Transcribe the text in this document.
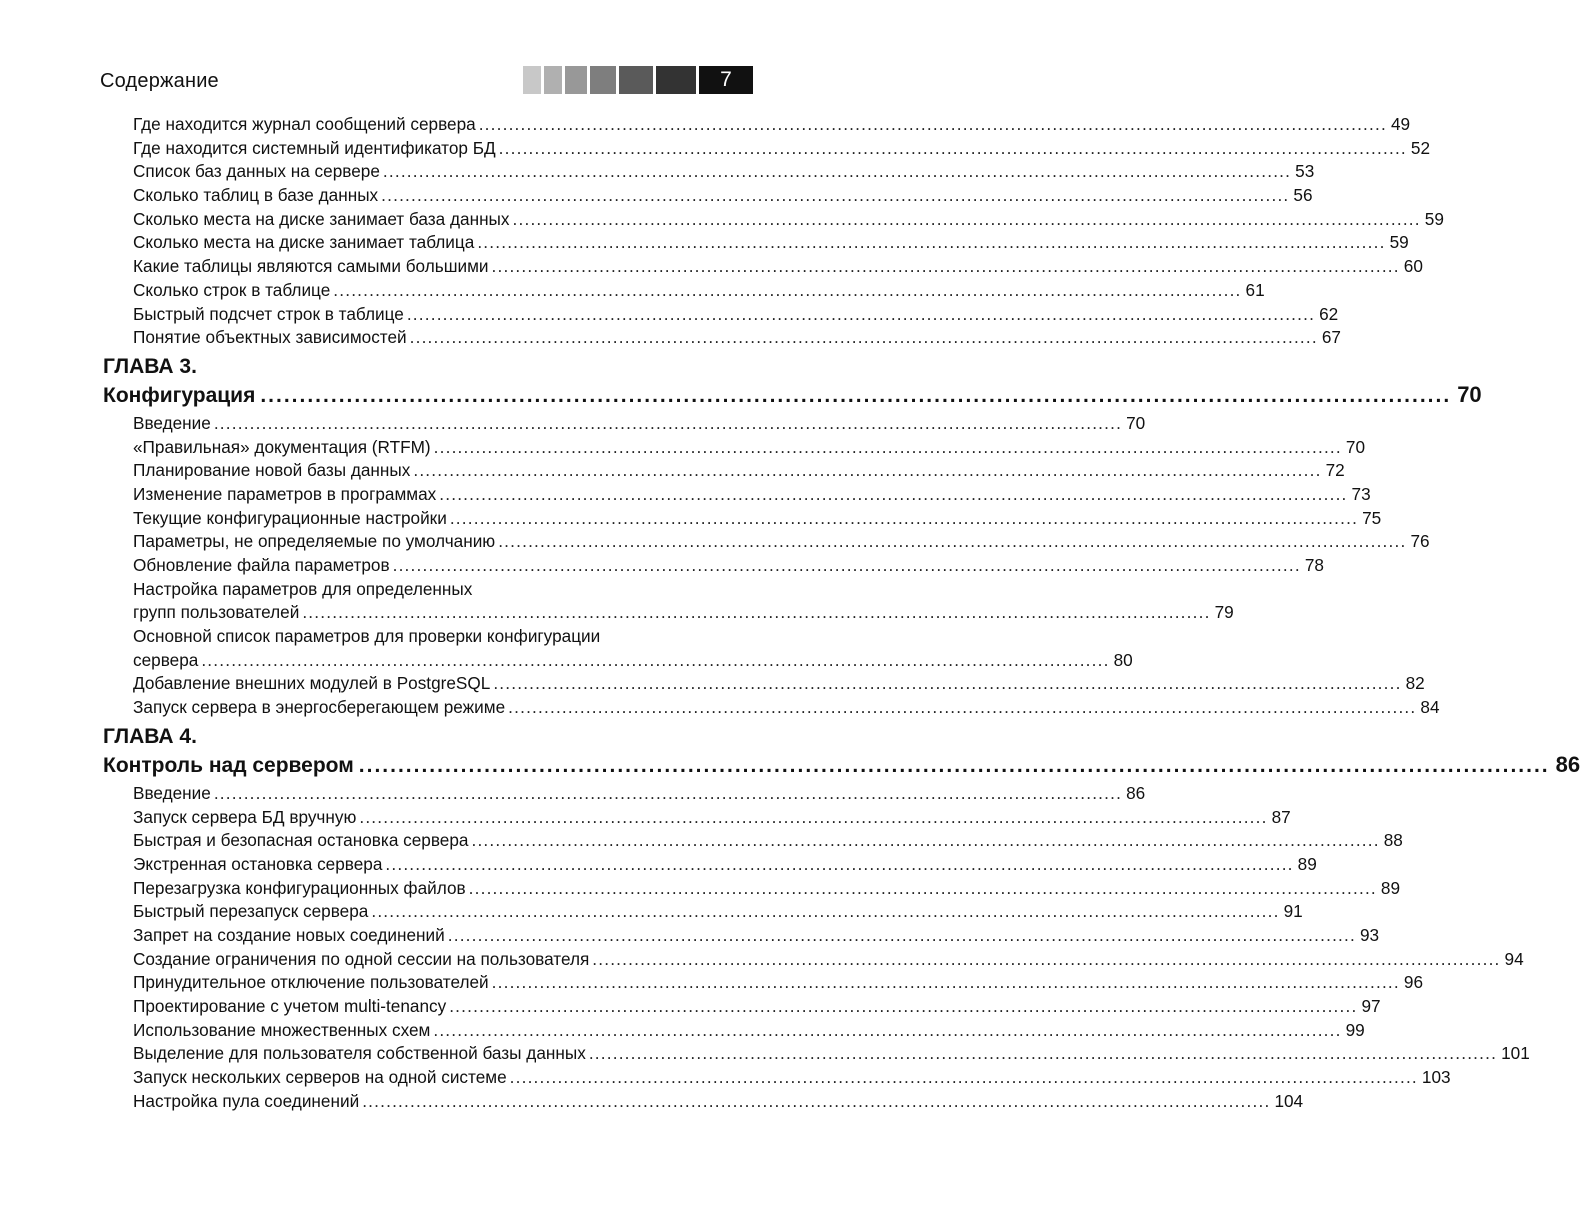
Содержание	7
Где находится журнал сообщений сервера ........................................................................................................................................................ 49
Где находится системный идентификатор БД ........................................................................................................................................................ 52
Список баз данных на сервере ........................................................................................................................................................ 53
Сколько таблиц в базе данных ........................................................................................................................................................ 56
Сколько места на диске занимает база данных ........................................................................................................................................................ 59
Сколько места на диске занимает таблица ........................................................................................................................................................ 59
Какие таблицы являются самыми большими ........................................................................................................................................................ 60
Сколько строк в таблице ........................................................................................................................................................ 61
Быстрый подсчет строк в таблице ........................................................................................................................................................ 62
Понятие объектных зависимостей ........................................................................................................................................................ 67
ГЛАВА 3.
Конфигурация ........................................................................................................................................................ 70
Введение ........................................................................................................................................................ 70
«Правильная» документация (RTFM) ........................................................................................................................................................ 70
Планирование новой базы данных ........................................................................................................................................................ 72
Изменение параметров в программах ........................................................................................................................................................ 73
Текущие конфигурационные настройки ........................................................................................................................................................ 75
Параметры, не определяемые по умолчанию ........................................................................................................................................................ 76
Обновление файла параметров ........................................................................................................................................................ 78
Настройка параметров для определенных
групп пользователей ........................................................................................................................................................ 79
Основной список параметров для проверки конфигурации
сервера ........................................................................................................................................................ 80
Добавление внешних модулей в PostgreSQL ........................................................................................................................................................ 82
Запуск сервера в энергосберегающем режиме ........................................................................................................................................................ 84
ГЛАВА 4.
Контроль над сервером ........................................................................................................................................................ 86
Введение ........................................................................................................................................................ 86
Запуск сервера БД вручную ........................................................................................................................................................ 87
Быстрая и безопасная остановка сервера ........................................................................................................................................................ 88
Экстренная остановка сервера ........................................................................................................................................................ 89
Перезагрузка конфигурационных файлов ........................................................................................................................................................ 89
Быстрый перезапуск сервера ........................................................................................................................................................ 91
Запрет на создание новых соединений ........................................................................................................................................................ 93
Создание ограничения по одной сессии на пользователя ........................................................................................................................................................ 94
Принудительное отключение пользователей ........................................................................................................................................................ 96
Проектирование с учетом multi-tenancy ........................................................................................................................................................ 97
Использование множественных схем ........................................................................................................................................................ 99
Выделение для пользователя собственной базы данных ........................................................................................................................................................ 101
Запуск нескольких серверов на одной системе ........................................................................................................................................................ 103
Настройка пула соединений ........................................................................................................................................................ 104
